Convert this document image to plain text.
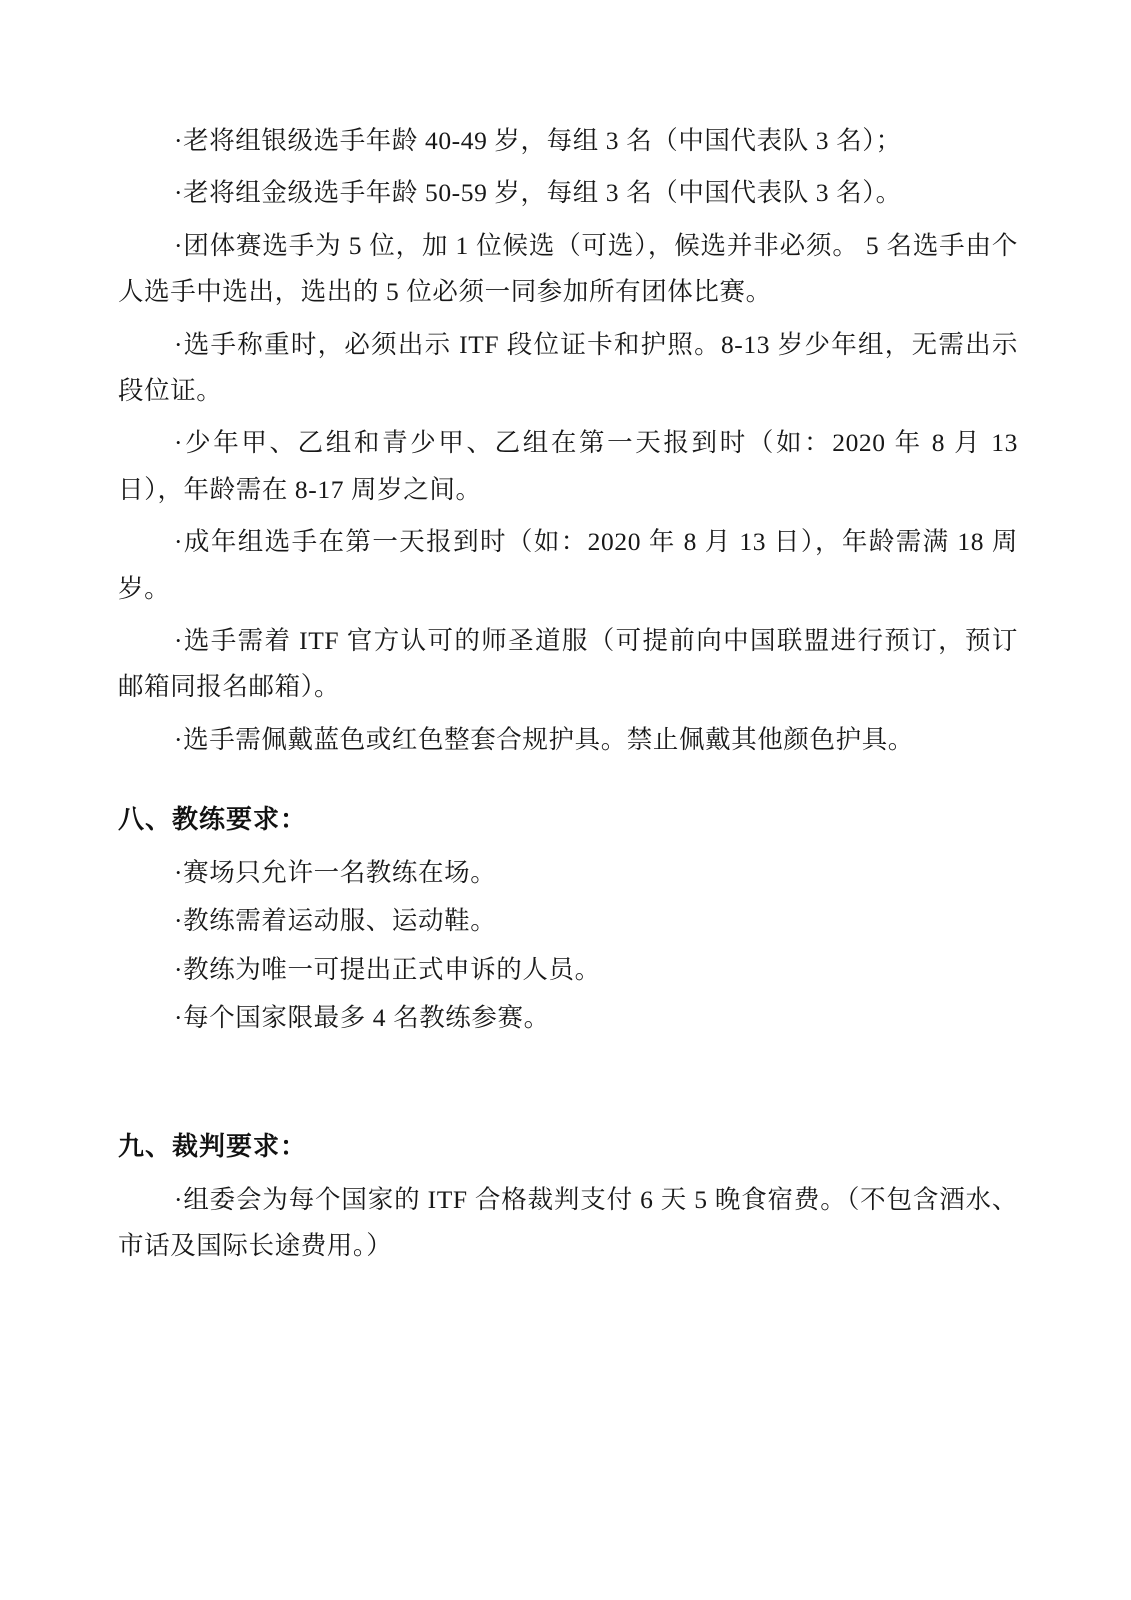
·老将组银级选手年龄 40-49 岁，每组 3 名（中国代表队 3 名）；

·老将组金级选手年龄 50-59 岁，每组 3 名（中国代表队 3 名）。

·团体赛选手为 5 位，加 1 位候选（可选），候选并非必须。 5 名选手由个人选手中选出，选出的 5 位必须一同参加所有团体比赛。

·选手称重时，必须出示 ITF 段位证卡和护照。8-13 岁少年组，无需出示段位证。

·少年甲、乙组和青少甲、乙组在第一天报到时（如：2020 年 8 月 13 日），年龄需在 8-17 周岁之间。

·成年组选手在第一天报到时（如：2020 年 8 月 13 日），年龄需满 18 周岁。

·选手需着 ITF 官方认可的师圣道服（可提前向中国联盟进行预订，预订邮箱同报名邮箱）。

·选手需佩戴蓝色或红色整套合规护具。禁止佩戴其他颜色护具。

八、教练要求：

·赛场只允许一名教练在场。

·教练需着运动服、运动鞋。

·教练为唯一可提出正式申诉的人员。

·每个国家限最多 4 名教练参赛。

九、裁判要求：

·组委会为每个国家的 ITF 合格裁判支付 6 天 5 晚食宿费。（不包含酒水、市话及国际长途费用。）
